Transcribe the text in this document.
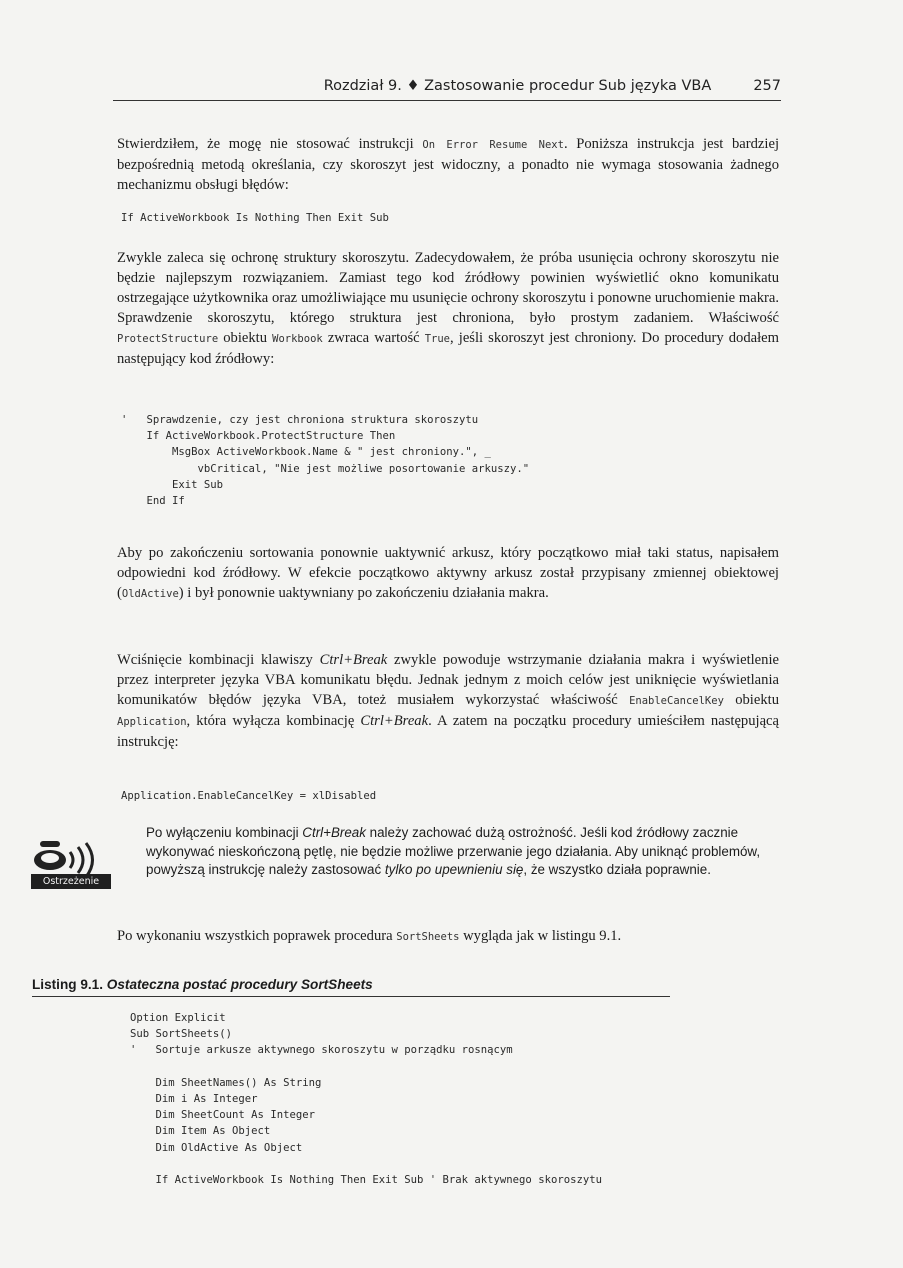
Rozdział 9. ♦ Zastosowanie procedur Sub języka VBA	257

Stwierdziłem, że mogę nie stosować instrukcji On Error Resume Next. Poniższa instrukcja jest bardziej bezpośrednią metodą określania, czy skoroszyt jest widoczny, a ponadto nie wymaga stosowania żadnego mechanizmu obsługi błędów:

If ActiveWorkbook Is Nothing Then Exit Sub

Zwykle zaleca się ochronę struktury skoroszytu. Zadecydowałem, że próba usunięcia ochrony skoroszytu nie będzie najlepszym rozwiązaniem. Zamiast tego kod źródłowy powinien wyświetlić okno komunikatu ostrzegające użytkownika oraz umożliwiające mu usunięcie ochrony skoroszytu i ponowne uruchomienie makra. Sprawdzenie skoroszytu, którego struktura jest chroniona, było prostym zadaniem. Właściwość ProtectStructure obiektu Workbook zwraca wartość True, jeśli skoroszyt jest chroniony. Do procedury dodałem następujący kod źródłowy:

'   Sprawdzenie, czy jest chroniona struktura skoroszytu
If ActiveWorkbook.ProtectStructure Then
MsgBox ActiveWorkbook.Name & " jest chroniony.", _
vbCritical, "Nie jest możliwe posortowanie arkuszy."
Exit Sub
End If

Aby po zakończeniu sortowania ponownie uaktywnić arkusz, który początkowo miał taki status, napisałem odpowiedni kod źródłowy. W efekcie początkowo aktywny arkusz został przypisany zmiennej obiektowej (OldActive) i był ponownie uaktywniany po zakończeniu działania makra.

Wciśnięcie kombinacji klawiszy Ctrl+Break zwykle powoduje wstrzymanie działania makra i wyświetlenie przez interpreter języka VBA komunikatu błędu. Jednak jednym z moich celów jest uniknięcie wyświetlania komunikatów błędów języka VBA, toteż musiałem wykorzystać właściwość EnableCancelKey obiektu Application, która wyłącza kombinację Ctrl+Break. A zatem na początku procedury umieściłem następującą instrukcję:

Application.EnableCancelKey = xlDisabled
Ostrzeżenie

Po wyłączeniu kombinacji Ctrl+Break należy zachować dużą ostrożność. Jeśli kod źródłowy zacznie wykonywać nieskończoną pętlę, nie będzie możliwe przerwanie jego działania. Aby uniknąć problemów, powyższą instrukcję należy zastosować tylko po upewnieniu się, że wszystko działa poprawnie.

Po wykonaniu wszystkich poprawek procedura SortSheets wygląda jak w listingu 9.1.

Listing 9.1. Ostateczna postać procedury SortSheets
Option Explicit
Sub SortSheets()
'   Sortuje arkusze aktywnego skoroszytu w porządku rosnącym

Dim SheetNames() As String
Dim i As Integer
Dim SheetCount As Integer
Dim Item As Object
Dim OldActive As Object

If ActiveWorkbook Is Nothing Then Exit Sub ' Brak aktywnego skoroszytu
